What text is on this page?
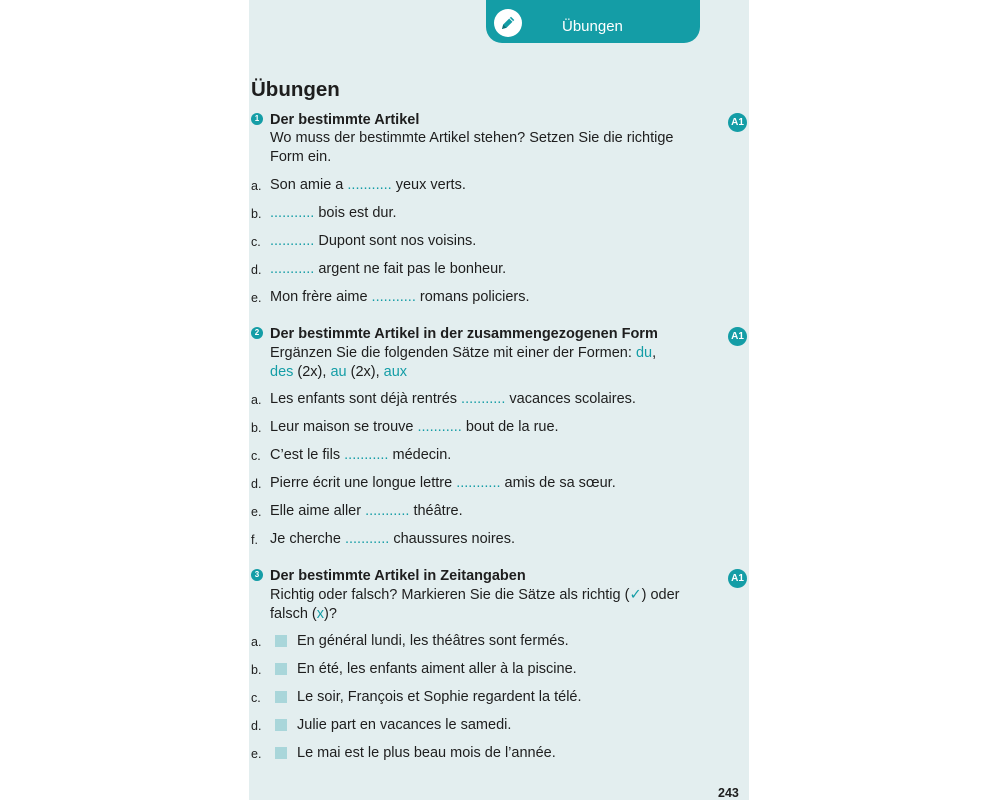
Übungen
Übungen
1	A1
Der bestimmte Artikel
Wo muss der bestimmte Artikel stehen? Setzen Sie die richtige
Form ein.
a. Son amie a ........... yeux verts.
b. ........... bois est dur.
c. ........... Dupont sont nos voisins.
d. ........... argent ne fait pas le bonheur.
e. Mon frère aime ........... romans policiers.
2	A1
Der bestimmte Artikel in der zusammengezogenen Form
Ergänzen Sie die folgenden Sätze mit einer der Formen: du,
des (2x), au (2x), aux
a. Les enfants sont déjà rentrés ........... vacances scolaires.
b. Leur maison se trouve ........... bout de la rue.
c. C’est le fils ........... médecin.
d. Pierre écrit une longue lettre ........... amis de sa sœur.
e. Elle aime aller ........... théâtre.
f. Je cherche ........... chaussures noires.
3	A1
Der bestimmte Artikel in Zeitangaben
Richtig oder falsch? Markieren Sie die Sätze als richtig (✓) oder
falsch (x)?
a. En général lundi, les théâtres sont fermés.
b. En été, les enfants aiment aller à la piscine.
c.	Le soir, François et Sophie regardent la télé.
d. Julie part en vacances le samedi.
e. Le mai est le plus beau mois de l’année.
243
